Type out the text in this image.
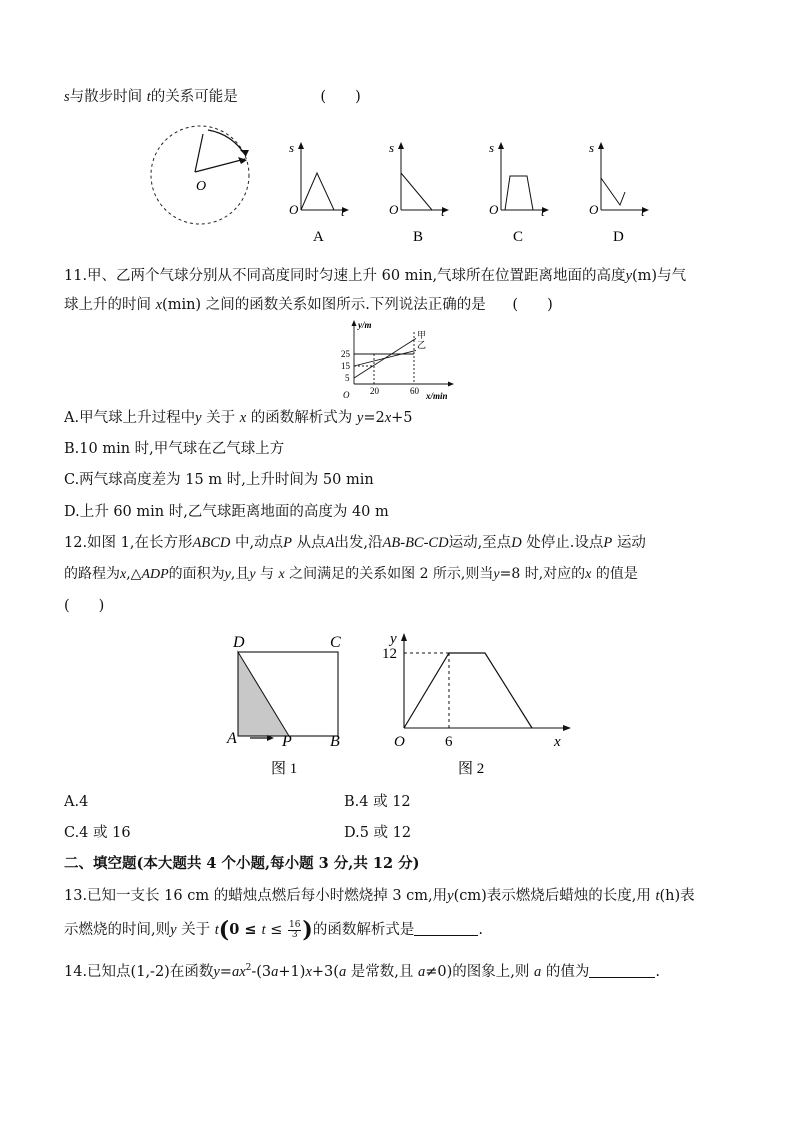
s与散步时间 t的关系可能是	(　　)
O
s
O	t
A
s
O	t
B
s
O	t
C
s
O	t
D
11.甲、乙两个气球分别从不同高度同时匀速上升 60 min,气球所在位置距离地面的高度y(m)与气
球上升的时间 x(min) 之间的函数关系如图所示.下列说法正确的是 (　　)
y/m
x/min
O
甲
乙
25
15
5
20	60
A.甲气球上升过程中y 关于 x 的函数解析式为 y=2x+5
B.10 min 时,甲气球在乙气球上方
C.两气球高度差为 15 m 时,上升时间为 50 min
D.上升 60 min 时,乙气球距离地面的高度为 40 m
12.如图 1,在长方形ABCD 中,动点P 从点A出发,沿AB-BC-CD运动,至点D 处停止.设点P 运动
的路程为x,△ADP的面积为y,且y 与 x 之间满足的关系如图 2 所示,则当y=8 时,对应的x 的值是
(　　)
D	C
A	P B
图 1
y
12
O	6	x
图 2
A.4	B.4 或 12
C.4 或 16	D.5 或 12
二、填空题(本大题共 4 个小题,每小题 3 分,共 12 分)
13.已知一支长 16 cm 的蜡烛点燃后每小时燃烧掉 3 cm,用y(cm)表示燃烧后蜡烛的长度,用 t(h)表
示燃烧的时间,则y 关于 $t(0 \le t \le \frac{16}{3}$ )的函数解析式是	.
14.已知点(1,-2)在函数$y=ax^2-(3a+1)x+3(a$ 是常数,且 a≠0)的图象上,则 a 的值为	.
